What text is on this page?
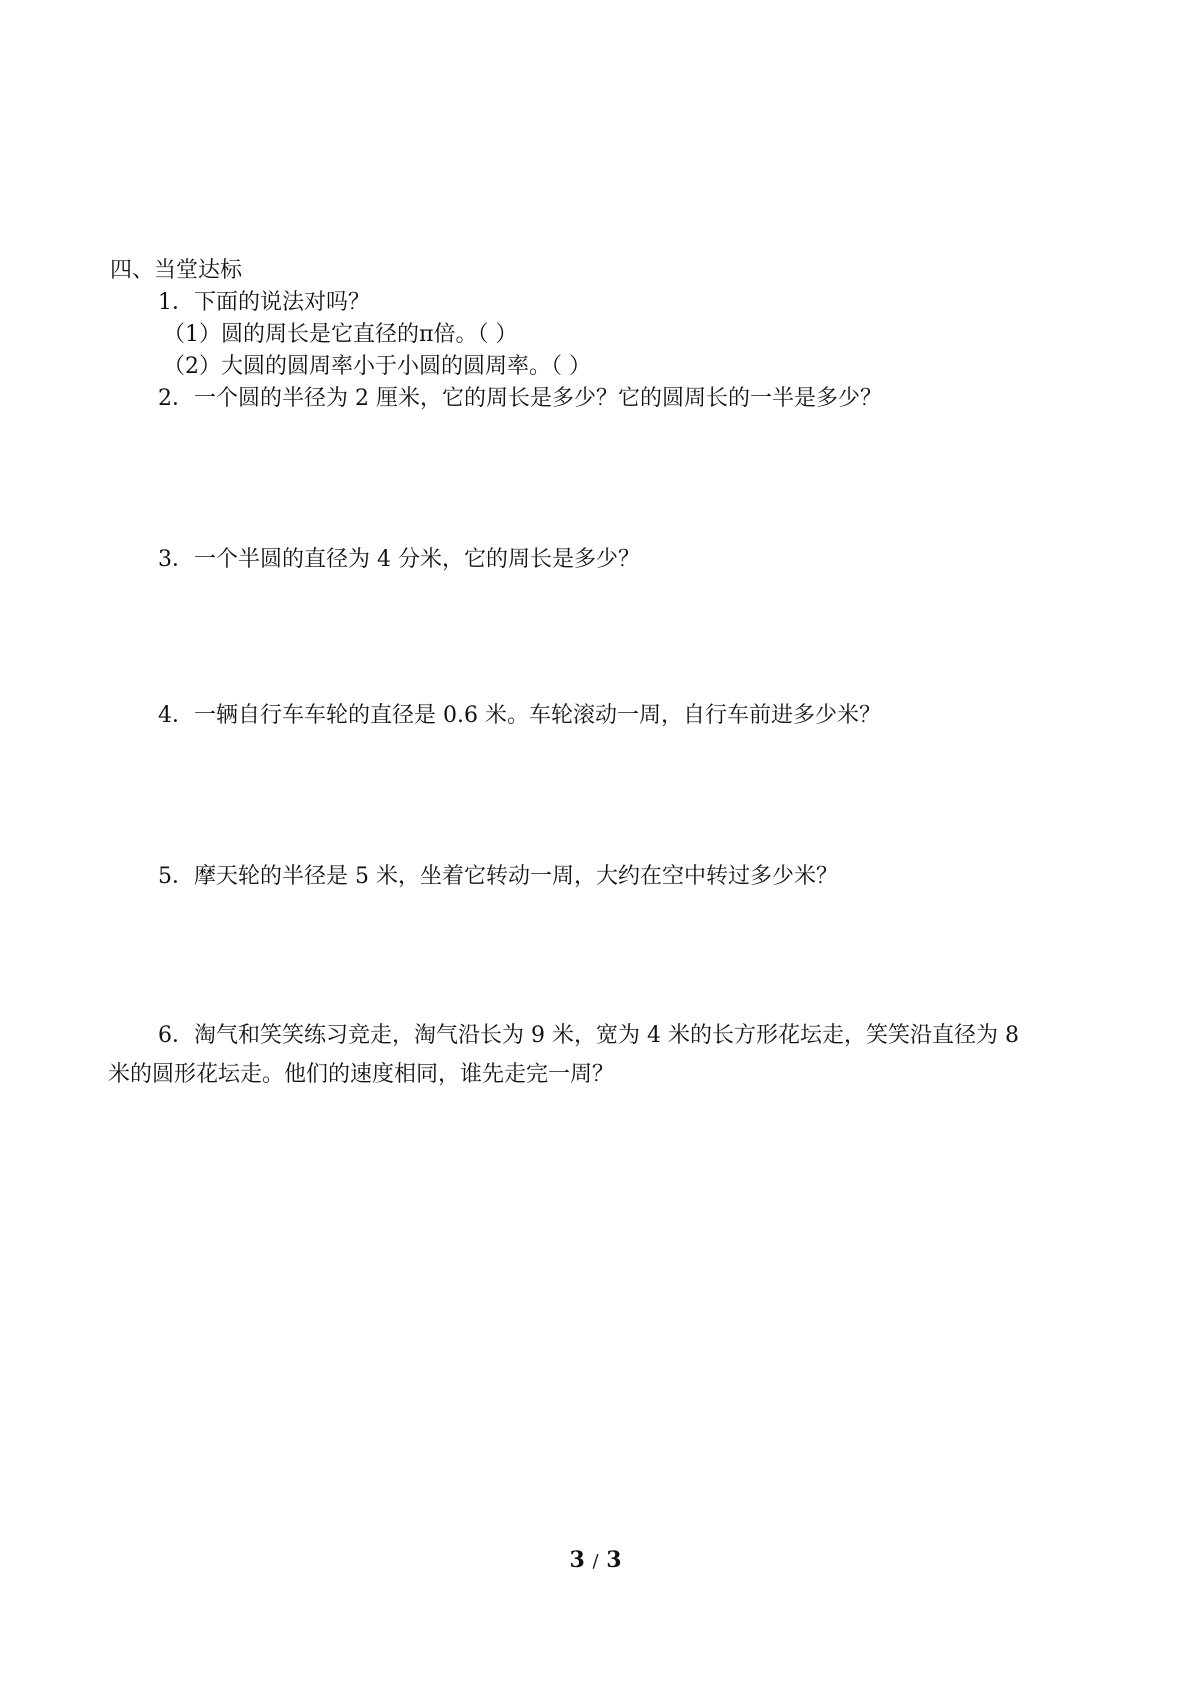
四、当堂达标
1．下面的说法对吗？
（1）圆的周长是它直径的π倍。（ ）
（2）大圆的圆周率小于小圆的圆周率。（ ）
2．一个圆的半径为 2 厘米，它的周长是多少？它的圆周长的一半是多少？
3．一个半圆的直径为 4 分米，它的周长是多少？
4．一辆自行车车轮的直径是 0.6 米。车轮滚动一周，自行车前进多少米？
5．摩天轮的半径是 5 米，坐着它转动一周，大约在空中转过多少米？
6．淘气和笑笑练习竞走，淘气沿长为 9 米，宽为 4 米的长方形花坛走，笑笑沿直径为 8
米的圆形花坛走。他们的速度相同，谁先走完一周？
3 / 3
